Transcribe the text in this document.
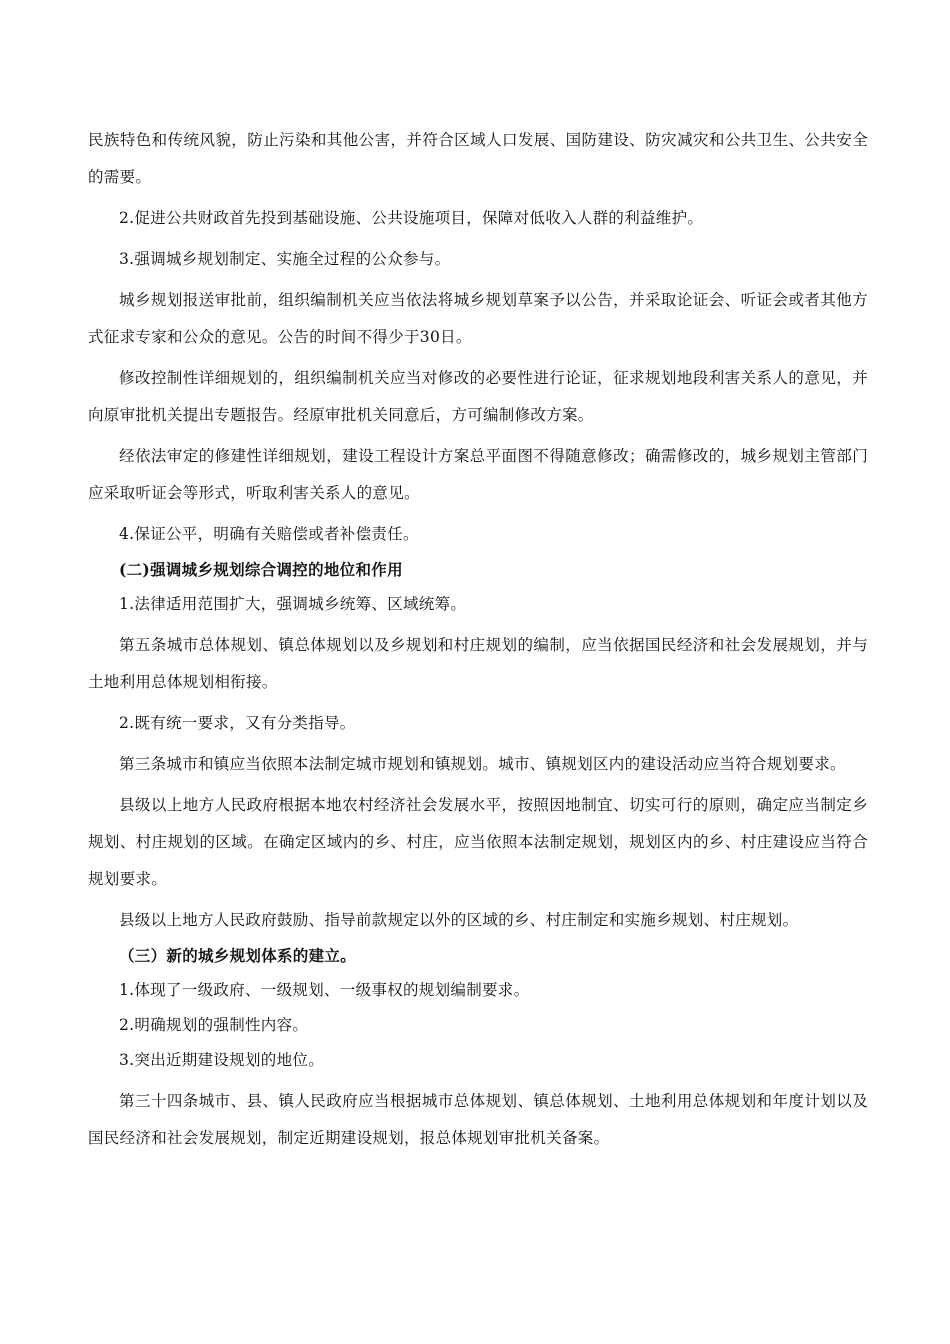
民族特色和传统风貌，防止污染和其他公害，并符合区域人口发展、国防建设、防灾减灾和公共卫生、公共安全的需要。

2.促进公共财政首先投到基础设施、公共设施项目，保障对低收入人群的利益维护。

3.强调城乡规划制定、实施全过程的公众参与。

城乡规划报送审批前，组织编制机关应当依法将城乡规划草案予以公告，并采取论证会、听证会或者其他方式征求专家和公众的意见。公告的时间不得少于30日。

修改控制性详细规划的，组织编制机关应当对修改的必要性进行论证，征求规划地段利害关系人的意见，并向原审批机关提出专题报告。经原审批机关同意后，方可编制修改方案。

经依法审定的修建性详细规划，建设工程设计方案总平面图不得随意修改；确需修改的，城乡规划主管部门应采取听证会等形式，听取利害关系人的意见。

4.保证公平，明确有关赔偿或者补偿责任。

(二)强调城乡规划综合调控的地位和作用

1.法律适用范围扩大，强调城乡统筹、区域统筹。

第五条城市总体规划、镇总体规划以及乡规划和村庄规划的编制，应当依据国民经济和社会发展规划，并与土地利用总体规划相衔接。

2.既有统一要求，又有分类指导。

第三条城市和镇应当依照本法制定城市规划和镇规划。城市、镇规划区内的建设活动应当符合规划要求。

县级以上地方人民政府根据本地农村经济社会发展水平，按照因地制宜、切实可行的原则，确定应当制定乡规划、村庄规划的区域。在确定区域内的乡、村庄，应当依照本法制定规划，规划区内的乡、村庄建设应当符合规划要求。

县级以上地方人民政府鼓励、指导前款规定以外的区域的乡、村庄制定和实施乡规划、村庄规划。

（三）新的城乡规划体系的建立。

1.体现了一级政府、一级规划、一级事权的规划编制要求。

2.明确规划的强制性内容。

3.突出近期建设规划的地位。

第三十四条城市、县、镇人民政府应当根据城市总体规划、镇总体规划、土地利用总体规划和年度计划以及国民经济和社会发展规划，制定近期建设规划，报总体规划审批机关备案。
